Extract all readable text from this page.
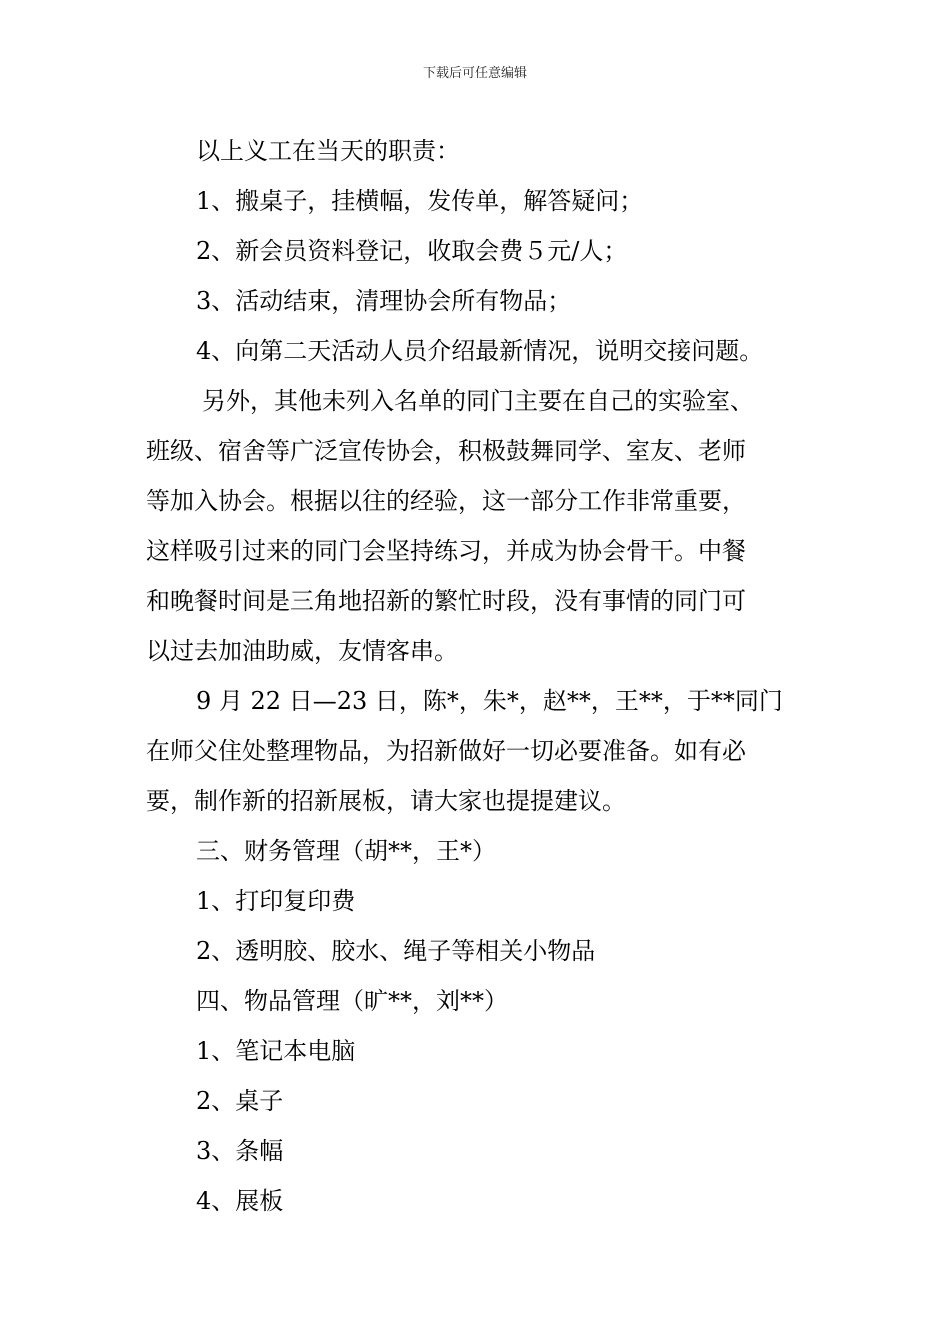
下载后可任意编辑

以上义工在当天的职责：

1、搬桌子，挂横幅，发传单，解答疑问；

2、新会员资料登记，收取会费５元/人；

3、活动结束，清理协会所有物品；

4、向第二天活动人员介绍最新情况，说明交接问题。

另外，其他未列入名单的同门主要在自己的实验室、

班级、宿舍等广泛宣传协会，积极鼓舞同学、室友、老师

等加入协会。根据以往的经验，这一部分工作非常重要，

这样吸引过来的同门会坚持练习，并成为协会骨干。中餐

和晚餐时间是三角地招新的繁忙时段，没有事情的同门可

以过去加油助威，友情客串。

9 月 22 日—23 日，陈*，朱*，赵**，王**，于**同门

在师父住处整理物品，为招新做好一切必要准备。如有必

要，制作新的招新展板，请大家也提提建议。

三、财务管理（胡**，王*）

1、打印复印费

2、透明胶、胶水、绳子等相关小物品

四、物品管理（旷**，刘**）

1、笔记本电脑

2、桌子

3、条幅

4、展板
